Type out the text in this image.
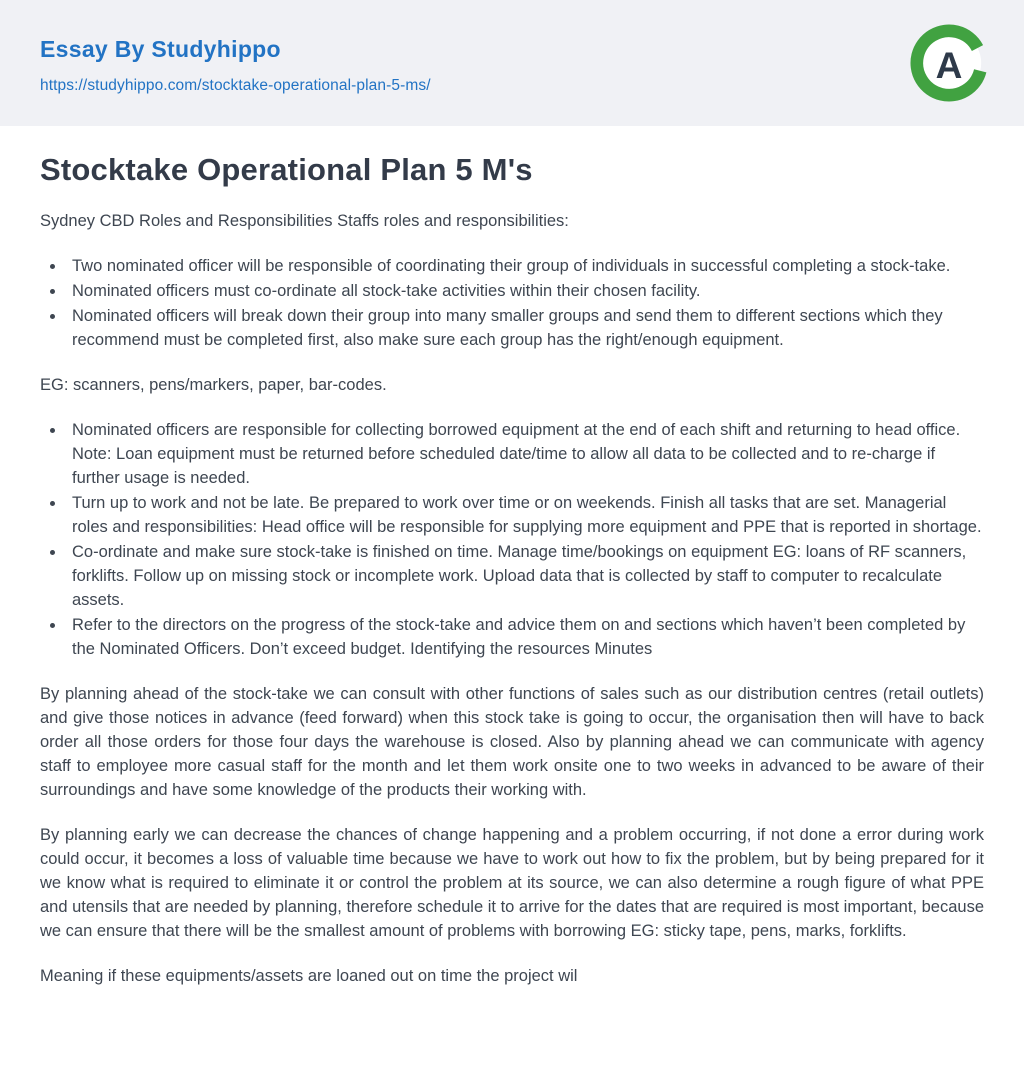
Essay By Studyhippo
https://studyhippo.com/stocktake-operational-plan-5-ms/	A
Stocktake Operational Plan 5 M's

Sydney CBD Roles and Responsibilities Staffs roles and responsibilities:

• Two nominated officer will be responsible of coordinating their group of individuals in successful completing a stock-take.
• Nominated officers must co-ordinate all stock-take activities within their chosen facility.
• Nominated officers will break down their group into many smaller groups and send them to different sections which they recommend must be completed first, also make sure each group has the right/enough equipment.

EG: scanners, pens/markers, paper, bar-codes.

• Nominated officers are responsible for collecting borrowed equipment at the end of each shift and returning to head office. Note: Loan equipment must be returned before scheduled date/time to allow all data to be collected and to re-charge if further usage is needed.
• Turn up to work and not be late. Be prepared to work over time or on weekends. Finish all tasks that are set. Managerial roles and responsibilities: Head office will be responsible for supplying more equipment and PPE that is reported in shortage.
• Co-ordinate and make sure stock-take is finished on time. Manage time/bookings on equipment EG: loans of RF scanners, forklifts. Follow up on missing stock or incomplete work. Upload data that is collected by staff to computer to recalculate assets.
• Refer to the directors on the progress of the stock-take and advice them on and sections which haven’t been completed by the Nominated Officers. Don’t exceed budget. Identifying the resources Minutes

By planning ahead of the stock-take we can consult with other functions of sales such as our distribution centres (retail outlets) and give those notices in advance (feed forward) when this stock take is going to occur, the organisation then will have to back order all those orders for those four days the warehouse is closed. Also by planning ahead we can communicate with agency staff to employee more casual staff for the month and let them work onsite one to two weeks in advanced to be aware of their surroundings and have some knowledge of the products their working with.

By planning early we can decrease the chances of change happening and a problem occurring, if not done a error during work could occur, it becomes a loss of valuable time because we have to work out how to fix the problem, but by being prepared for it we know what is required to eliminate it or control the problem at its source, we can also determine a rough figure of what PPE and utensils that are needed by planning, therefore schedule it to arrive for the dates that are required is most important, because we can ensure that there will be the smallest amount of problems with borrowing EG: sticky tape, pens, marks, forklifts.

Meaning if these equipments/assets are loaned out on time the project wil
